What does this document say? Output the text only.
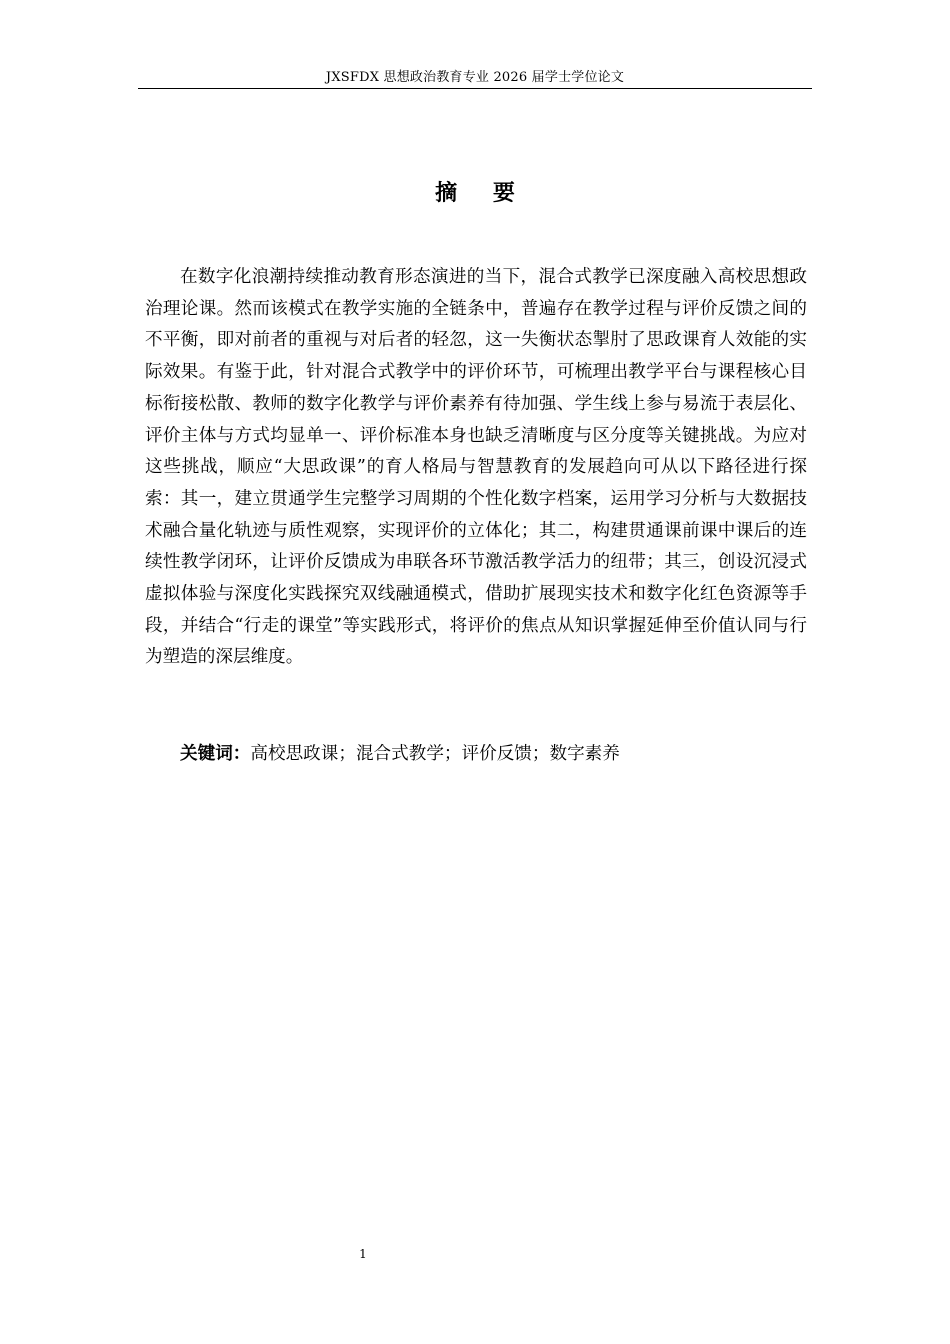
JXSFDX 思想政治教育专业 2026 届学士学位论文
摘 要

在数字化浪潮持续推动教育形态演进的当下，混合式教学已深度融入高校思想政治理论课。然而该模式在教学实施的全链条中，普遍存在教学过程与评价反馈之间的不平衡，即对前者的重视与对后者的轻忽，这一失衡状态掣肘了思政课育人效能的实际效果。有鉴于此，针对混合式教学中的评价环节，可梳理出教学平台与课程核心目标衔接松散、教师的数字化教学与评价素养有待加强、学生线上参与易流于表层化、评价主体与方式均显单一、评价标准本身也缺乏清晰度与区分度等关键挑战。为应对这些挑战，顺应“大思政课”的育人格局与智慧教育的发展趋向可从以下路径进行探索：其一，建立贯通学生完整学习周期的个性化数字档案，运用学习分析与大数据技术融合量化轨迹与质性观察，实现评价的立体化；其二，构建贯通课前课中课后的连续性教学闭环，让评价反馈成为串联各环节激活教学活力的纽带；其三，创设沉浸式虚拟体验与深度化实践探究双线融通模式，借助扩展现实技术和数字化红色资源等手段，并结合“行走的课堂”等实践形式，将评价的焦点从知识掌握延伸至价值认同与行为塑造的深层维度。

关键词：高校思政课；混合式教学；评价反馈；数字素养
1
